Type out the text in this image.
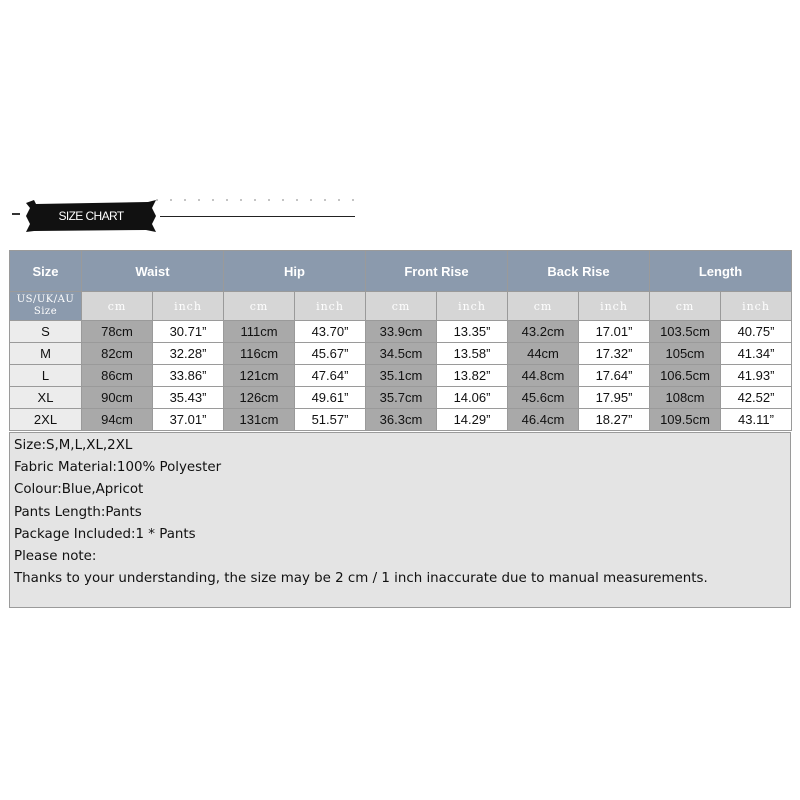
SIZE CHART
Size	Waist		Hip		Front Rise		Back Rise		Length	
US/UK/AU Size	cm	inch	cm	inch	cm	inch	cm	inch	cm	inch
S	78cm	30.71”	111cm	43.70”	33.9cm	13.35”	43.2cm	17.01”	103.5cm	40.75”
M	82cm	32.28”	116cm	45.67”	34.5cm	13.58”	44cm	17.32”	105cm	41.34”
L	86cm	33.86”	121cm	47.64”	35.1cm	13.82”	44.8cm	17.64”	106.5cm	41.93”
XL	90cm	35.43”	126cm	49.61”	35.7cm	14.06”	45.6cm	17.95”	108cm	42.52”
2XL	94cm	37.01”	131cm	51.57”	36.3cm	14.29”	46.4cm	18.27”	109.5cm	43.11”
Size:S,M,L,XL,2XL
Fabric Material:100% Polyester
Colour:Blue,Apricot
Pants Length:Pants
Package Included:1 * Pants
Please note:
Thanks to your understanding, the size may be 2 cm / 1 inch inaccurate due to manual measurements.
